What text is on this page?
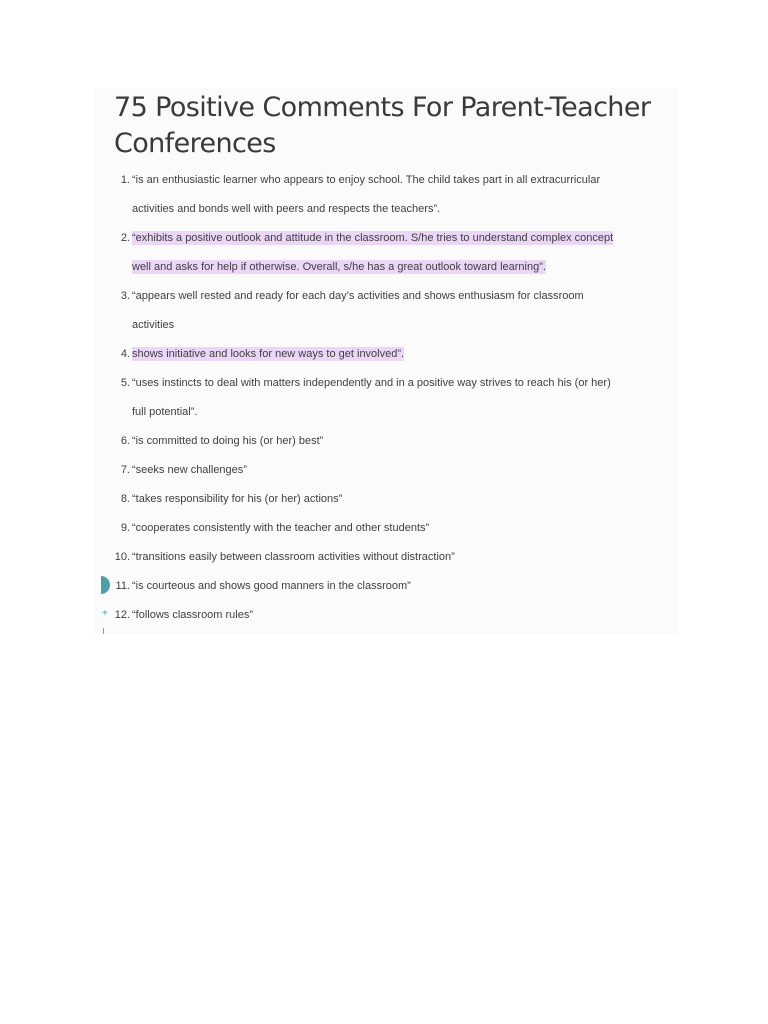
75 Positive Comments For Parent-Teacher Conferences
1. “is an enthusiastic learner who appears to enjoy school. The child takes part in all extracurricular
activities and bonds well with peers and respects the teachers”.
2. “exhibits a positive outlook and attitude in the classroom. S/he tries to understand complex concept
well and asks for help if otherwise. Overall, s/he has a great outlook toward learning”.
3. “appears well rested and ready for each day’s activities and shows enthusiasm for classroom
activities
4. shows initiative and looks for new ways to get involved”.
5. “uses instincts to deal with matters independently and in a positive way strives to reach his (or her)
full potential”.
6. “is committed to doing his (or her) best”
7. “seeks new challenges”
8. “takes responsibility for his (or her) actions”
9. “cooperates consistently with the teacher and other students”
10. “transitions easily between classroom activities without distraction”
11. “is courteous and shows good manners in the classroom”
12. “follows classroom rules”
+
